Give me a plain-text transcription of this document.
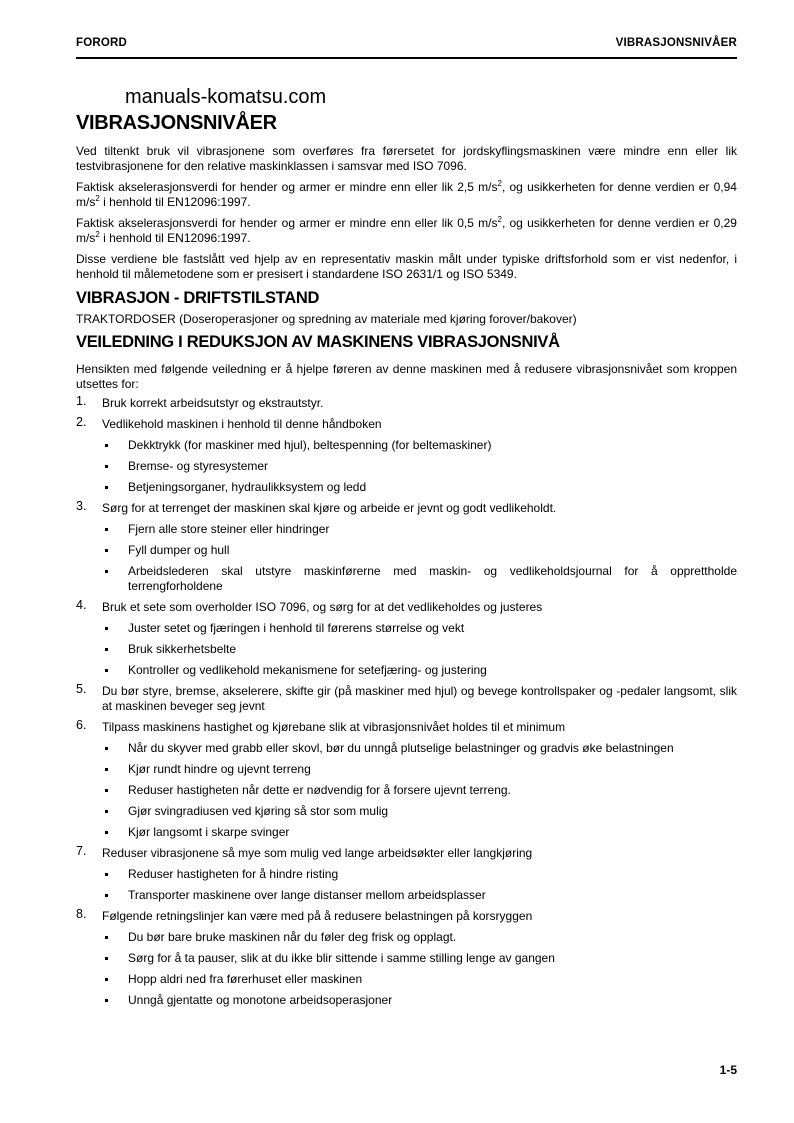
FORORD	VIBRASJONSNIVÅER
manuals-komatsu.com
VIBRASJONSNIVÅER

Ved tiltenkt bruk vil vibrasjonene som overføres fra førersetet for jordskyflingsmaskinen være mindre enn eller lik testvibrasjonene for den relative maskinklassen i samsvar med ISO 7096.

Faktisk akselerasjonsverdi for hender og armer er mindre enn eller lik 2,5 $m/s^2$, og usikkerheten for denne verdien er 0,94 $m/s^2$ i henhold til EN12096:1997.

Faktisk akselerasjonsverdi for hender og armer er mindre enn eller lik 0,5 $m/s^2$, og usikkerheten for denne verdien er 0,29 $m/s^2$ i henhold til EN12096:1997.

Disse verdiene ble fastslått ved hjelp av en representativ maskin målt under typiske driftsforhold som er vist nedenfor, i henhold til målemetodene som er presisert i standardene ISO 2631/1 og ISO 5349.

VIBRASJON - DRIFTSTILSTAND
TRAKTORDOSER (Doseroperasjoner og spredning av materiale med kjøring forover/bakover)
VEILEDNING I REDUKSJON AV MASKINENS VIBRASJONSNIVÅ

Hensikten med følgende veiledning er å hjelpe føreren av denne maskinen med å redusere vibrasjonsnivået som kroppen utsettes for:

1. Bruk korrekt arbeidsutstyr og ekstrautstyr.
2. Vedlikehold maskinen i henhold til denne håndboken
Dekktrykk (for maskiner med hjul), beltespenning (for beltemaskiner)
Bremse- og styresystemer
Betjeningsorganer, hydraulikksystem og ledd
3. Sørg for at terrenget der maskinen skal kjøre og arbeide er jevnt og godt vedlikeholdt.
Fjern alle store steiner eller hindringer
Fyll dumper og hull
Arbeidslederen skal utstyre maskinførerne med maskin- og vedlikeholdsjournal for å opprettholde terrengforholdene
4. Bruk et sete som overholder ISO 7096, og sørg for at det vedlikeholdes og justeres
Juster setet og fjæringen i henhold til førerens størrelse og vekt
Bruk sikkerhetsbelte
Kontroller og vedlikehold mekanismene for setefjæring- og justering
5. Du bør styre, bremse, akselerere, skifte gir (på maskiner med hjul) og bevege kontrollspaker og -pedaler langsomt, slik at maskinen beveger seg jevnt
6. Tilpass maskinens hastighet og kjørebane slik at vibrasjonsnivået holdes til et minimum
Når du skyver med grabb eller skovl, bør du unngå plutselige belastninger og gradvis øke belastningen
Kjør rundt hindre og ujevnt terreng
Reduser hastigheten når dette er nødvendig for å forsere ujevnt terreng.
Gjør svingradiusen ved kjøring så stor som mulig
Kjør langsomt i skarpe svinger
7. Reduser vibrasjonene så mye som mulig ved lange arbeidsøkter eller langkjøring
Reduser hastigheten for å hindre risting
Transporter maskinene over lange distanser mellom arbeidsplasser
8. Følgende retningslinjer kan være med på å redusere belastningen på korsryggen
Du bør bare bruke maskinen når du føler deg frisk og opplagt.
Sørg for å ta pauser, slik at du ikke blir sittende i samme stilling lenge av gangen
Hopp aldri ned fra førerhuset eller maskinen
Unngå gjentatte og monotone arbeidsoperasjoner
1-5
